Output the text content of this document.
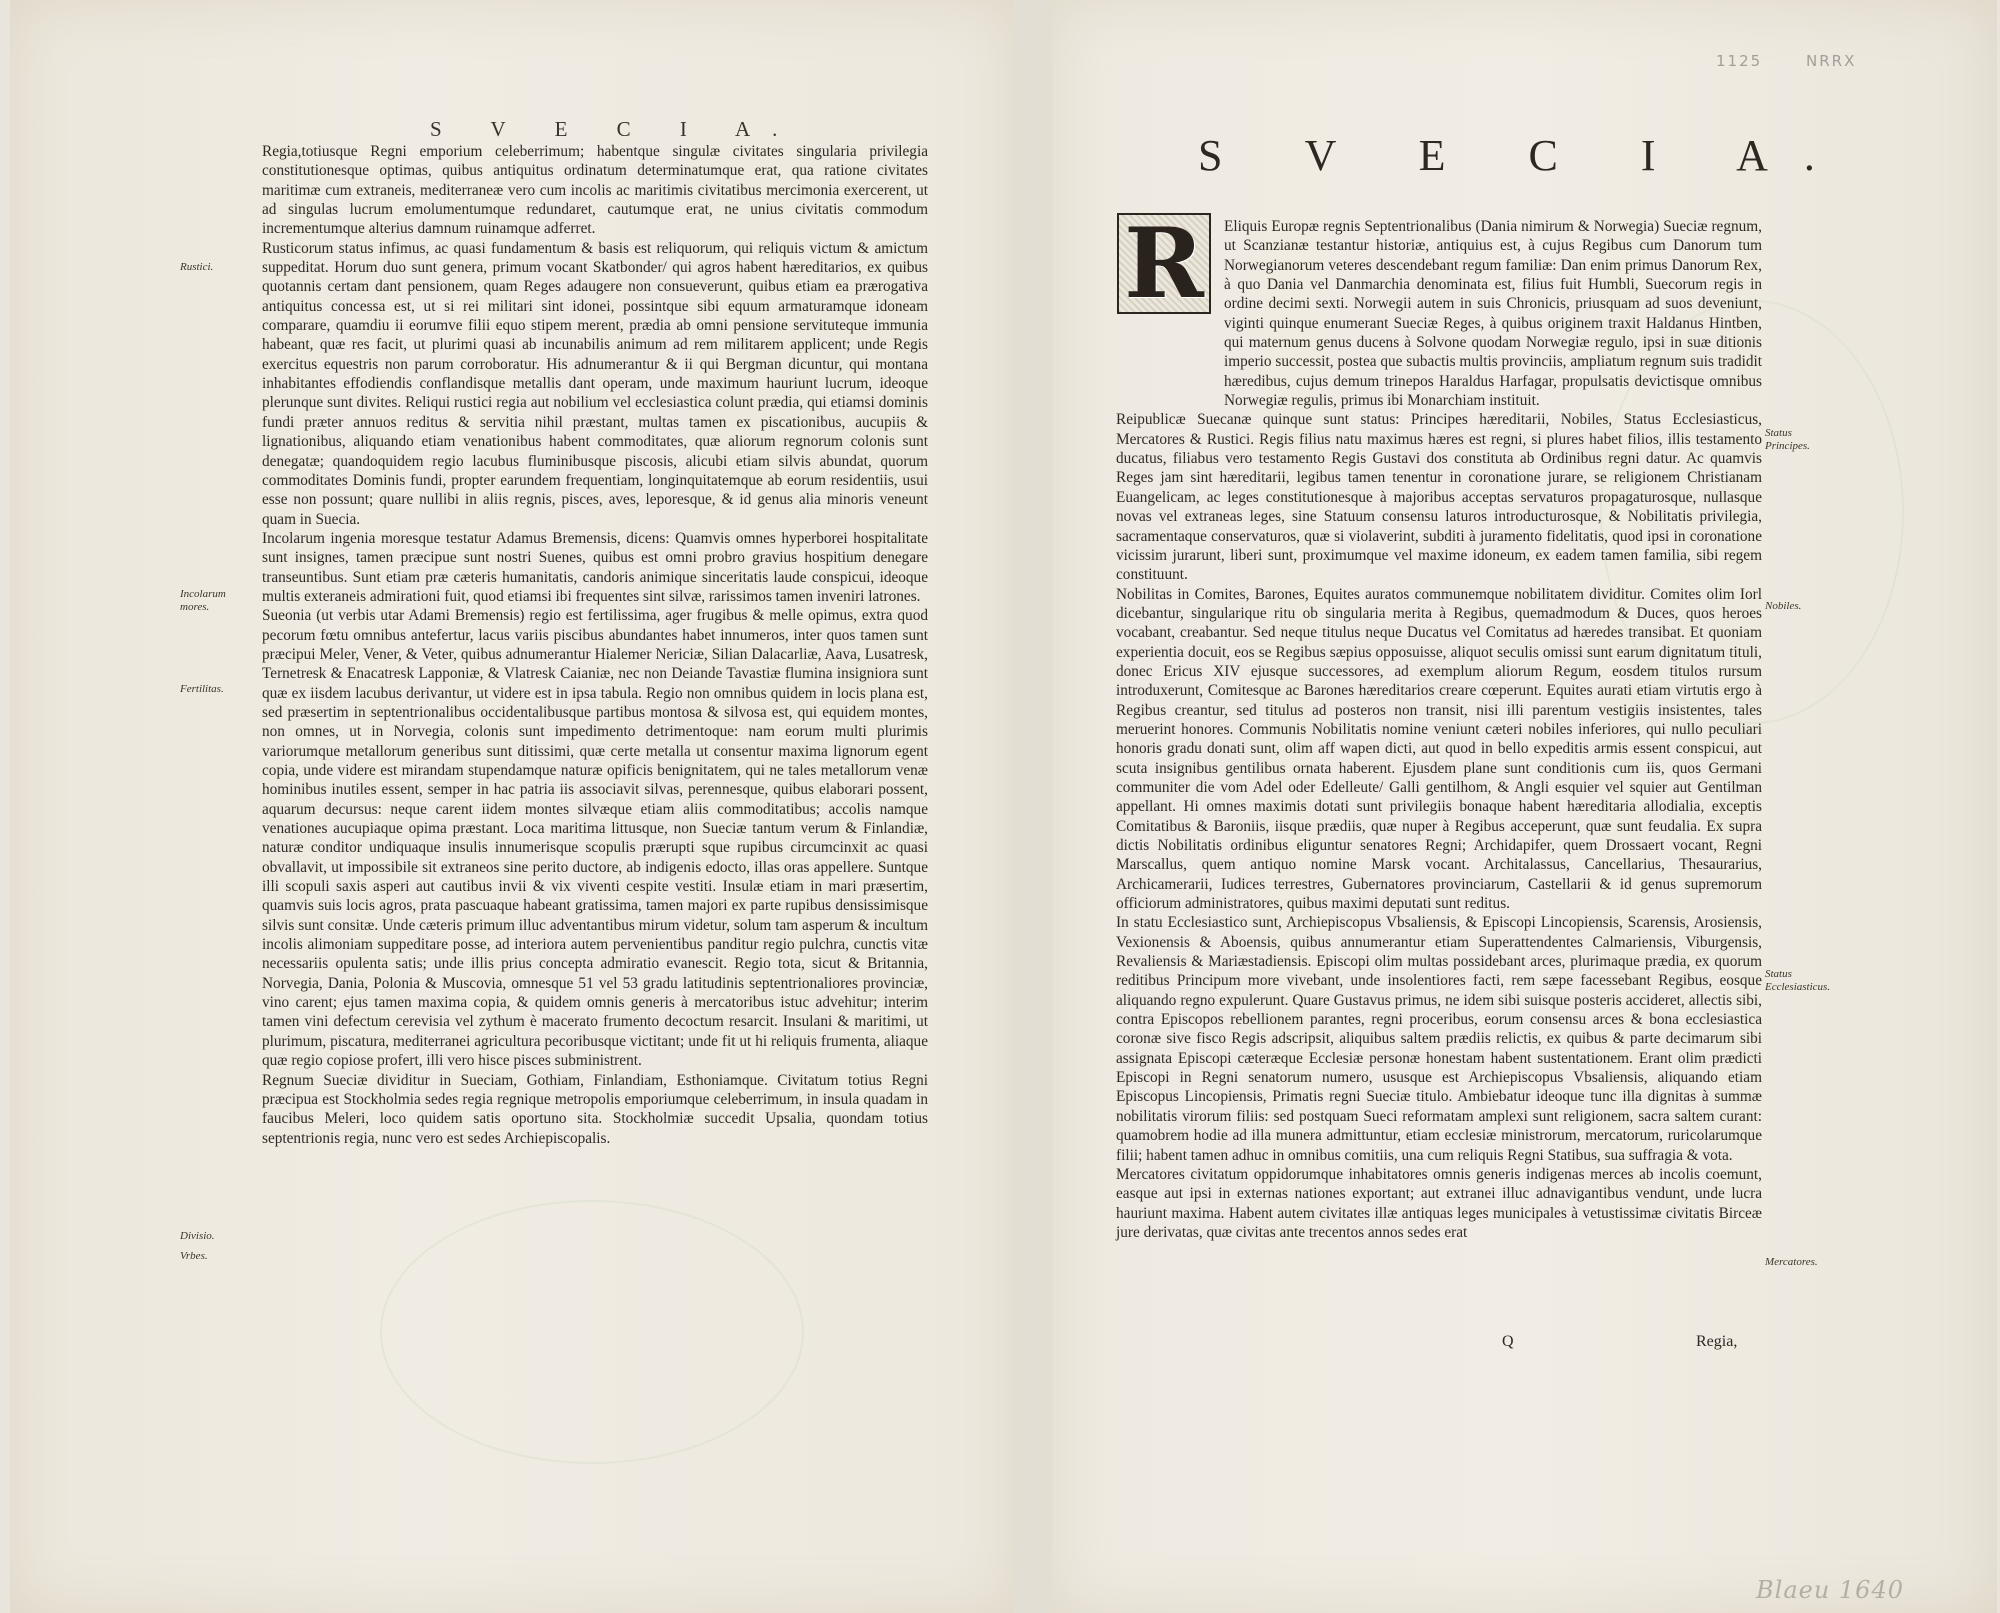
S V E C I A.

Regia,totiusque Regni emporium celeberrimum; habentque singulæ civitates singularia privilegia constitutionesque optimas, quibus antiquitus ordinatum determinatumque erat, qua ratione civitates maritimæ cum extraneis, mediterraneæ vero cum incolis ac maritimis civitatibus mercimonia exercerent, ut ad singulas lucrum emolumentumque redundaret, cautumque erat, ne unius civitatis commodum incrementumque alterius damnum ruinamque adferret.

Rusticorum status infimus, ac quasi fundamentum & basis est reliquorum, qui reliquis victum & amictum suppeditat. Horum duo sunt genera, primum vocant Skatbonder/ qui agros habent hæreditarios, ex quibus quotannis certam dant pensionem, quam Reges adaugere non consueverunt, quibus etiam ea prærogativa antiquitus concessa est, ut si rei militari sint idonei, possintque sibi equum armaturamque idoneam comparare, quamdiu ii eorumve filii equo stipem merent, prædia ab omni pensione servituteque immunia habeant, quæ res facit, ut plurimi quasi ab incunabilis animum ad rem militarem applicent; unde Regis exercitus equestris non parum corroboratur. His adnumerantur & ii qui Bergman dicuntur, qui montana inhabitantes effodiendis conflandisque metallis dant operam, unde maximum hauriunt lucrum, ideoque plerunque sunt divites. Reliqui rustici regia aut nobilium vel ecclesiastica colunt prædia, qui etiamsi dominis fundi præter annuos reditus & servitia nihil præstant, multas tamen ex piscationibus, aucupiis & lignationibus, aliquando etiam venationibus habent commoditates, quæ aliorum regnorum colonis sunt denegatæ; quandoquidem regio lacubus fluminibusque piscosis, alicubi etiam silvis abundat, quorum commoditates Dominis fundi, propter earundem frequentiam, longinquitatemque ab eorum residentiis, usui esse non possunt; quare nullibi in aliis regnis, pisces, aves, leporesque, & id genus alia minoris veneunt quam in Suecia.

Incolarum ingenia moresque testatur Adamus Bremensis, dicens: Quamvis omnes hyperborei hospitalitate sunt insignes, tamen præcipue sunt nostri Suenes, quibus est omni probro gravius hospitium denegare transeuntibus. Sunt etiam præ cæteris humanitatis, candoris animique sinceritatis laude conspicui, ideoque multis exteraneis admirationi fuit, quod etiamsi ibi frequentes sint silvæ, rarissimos tamen inveniri latrones.

Sueonia (ut verbis utar Adami Bremensis) regio est fertilissima, ager frugibus & melle opimus, extra quod pecorum fœtu omnibus antefertur, lacus variis piscibus abundantes habet innumeros, inter quos tamen sunt præcipui Meler, Vener, & Veter, quibus adnumerantur Hialemer Nericiæ, Silian Dalacarliæ, Aava, Lusatresk, Ternetresk & Enacatresk Lapponiæ, & Vlatresk Caianiæ, nec non Deiande Tavastiæ flumina insigniora sunt quæ ex iisdem lacubus derivantur, ut videre est in ipsa tabula. Regio non omnibus quidem in locis plana est, sed præsertim in septentrionalibus occidentalibusque partibus montosa & silvosa est, qui equidem montes, non omnes, ut in Norvegia, colonis sunt impedimento detrimentoque: nam eorum multi plurimis variorumque metallorum generibus sunt ditissimi, quæ certe metalla ut consentur maxima lignorum egent copia, unde videre est mirandam stupendamque naturæ opificis benignitatem, qui ne tales metallorum venæ hominibus inutiles essent, semper in hac patria iis associavit silvas, perennesque, quibus elaborari possent, aquarum decursus: neque carent iidem montes silvæque etiam aliis commoditatibus; accolis namque venationes aucupiaque opima præstant. Loca maritima littusque, non Sueciæ tantum verum & Finlandiæ, naturæ conditor undiquaque insulis innumerisque scopulis prærupti sque rupibus circumcinxit ac quasi obvallavit, ut impossibile sit extraneos sine perito ductore, ab indigenis edocto, illas oras appellere. Suntque illi scopuli saxis asperi aut cautibus invii & vix viventi cespite vestiti. Insulæ etiam in mari præsertim, quamvis suis locis agros, prata pascuaque habeant gratissima, tamen majori ex parte rupibus densissimisque silvis sunt consitæ. Unde cæteris primum illuc adventantibus mirum videtur, solum tam asperum & incultum incolis alimoniam suppeditare posse, ad interiora autem pervenientibus panditur regio pulchra, cunctis vitæ necessariis opulenta satis; unde illis prius concepta admiratio evanescit. Regio tota, sicut & Britannia, Norvegia, Dania, Polonia & Muscovia, omnesque 51 vel 53 gradu latitudinis septentrionaliores provinciæ, vino carent; ejus tamen maxima copia, & quidem omnis generis à mercatoribus istuc advehitur; interim tamen vini defectum cerevisia vel zythum è macerato frumento decoctum resarcit. Insulani & maritimi, ut plurimum, piscatura, mediterranei agricultura pecoribusque victitant; unde fit ut hi reliquis frumenta, aliaque quæ regio copiose profert, illi vero hisce pisces subministrent.

Regnum Sueciæ dividitur in Sueciam, Gothiam, Finlandiam, Esthoniamque. Civitatum totius Regni præcipua est Stockholmia sedes regia regnique metropolis emporiumque celeberrimum, in insula quadam in faucibus Meleri, loco quidem satis oportuno sita. Stockholmiæ succedit Upsalia, quondam totius septentrionis regia, nunc vero est sedes Archiepiscopalis.

Rustici.
Incolarum mores.
Fertilitas.
Divisio.
Vrbes.
S V E C I A.
R Eliquis Europæ regnis Septentrionalibus (Dania nimirum & Norwegia) Sueciæ regnum, ut Scanzianæ testantur historiæ, antiquius est, à cujus Regibus cum Danorum tum Norwegianorum veteres descendebant regum familiæ: Dan enim primus Danorum Rex, à quo Dania vel Danmarchia denominata est, filius fuit Humbli, Suecorum regis in ordine decimi sexti. Norwegii autem in suis Chronicis, priusquam ad suos deveniunt, viginti quinque enumerant Sueciæ Reges, à quibus originem traxit Haldanus Hintben, qui maternum genus ducens à Solvone quodam Norwegiæ regulo, ipsi in suæ ditionis imperio successit, postea que subactis multis provinciis, ampliatum regnum suis tradidit hæredibus, cujus demum trinepos Haraldus Harfagar, propulsatis devictisque omnibus Norwegiæ regulis, primus ibi Monarchiam instituit.

Reipublicæ Suecanæ quinque sunt status: Principes hæreditarii, Nobiles, Status Ecclesiasticus, Mercatores & Rustici. Regis filius natu maximus hæres est regni, si plures habet filios, illis testamento ducatus, filiabus vero testamento Regis Gustavi dos constituta ab Ordinibus regni datur. Ac quamvis Reges jam sint hæreditarii, legibus tamen tenentur in coronatione jurare, se religionem Christianam Euangelicam, ac leges constitutionesque à majoribus acceptas servaturos propagaturosque, nullasque novas vel extraneas leges, sine Statuum consensu laturos introducturosque, & Nobilitatis privilegia, sacramentaque conservaturos, quæ si violaverint, subditi à juramento fidelitatis, quod ipsi in coronatione vicissim jurarunt, liberi sunt, proximumque vel maxime idoneum, ex eadem tamen familia, sibi regem constituunt.

Nobilitas in Comites, Barones, Equites auratos communemque nobilitatem dividitur. Comites olim Iorl dicebantur, singularique ritu ob singularia merita à Regibus, quemadmodum & Duces, quos heroes vocabant, creabantur. Sed neque titulus neque Ducatus vel Comitatus ad hæredes transibat. Et quoniam experientia docuit, eos se Regibus sæpius opposuisse, aliquot seculis omissi sunt earum dignitatum tituli, donec Ericus XIV ejusque successores, ad exemplum aliorum Regum, eosdem titulos rursum introduxerunt, Comitesque ac Barones hæreditarios creare cœperunt. Equites aurati etiam virtutis ergo à Regibus creantur, sed titulus ad posteros non transit, nisi illi parentum vestigiis insistentes, tales meruerint honores. Communis Nobilitatis nomine veniunt cæteri nobiles inferiores, qui nullo peculiari honoris gradu donati sunt, olim aff wapen dicti, aut quod in bello expeditis armis essent conspicui, aut scuta insignibus gentilibus ornata haberent. Ejusdem plane sunt conditionis cum iis, quos Germani communiter die vom Adel oder Edelleute/ Galli gentilhom, & Angli esquier vel squier aut Gentilman appellant. Hi omnes maximis dotati sunt privilegiis bonaque habent hæreditaria allodialia, exceptis Comitatibus & Baroniis, iisque prædiis, quæ nuper à Regibus acceperunt, quæ sunt feudalia. Ex supra dictis Nobilitatis ordinibus eliguntur senatores Regni; Archidapifer, quem Drossaert vocant, Regni Marscallus, quem antiquo nomine Marsk vocant. Architalassus, Cancellarius, Thesaurarius, Archicamerarii, Iudices terrestres, Gubernatores provinciarum, Castellarii & id genus supremorum officiorum administratores, quibus maximi deputati sunt reditus.

In statu Ecclesiastico sunt, Archiepiscopus Vbsaliensis, & Episcopi Lincopiensis, Scarensis, Arosiensis, Vexionensis & Aboensis, quibus annumerantur etiam Superattendentes Calmariensis, Viburgensis, Revaliensis & Mariæstadiensis. Episcopi olim multas possidebant arces, plurimaque prædia, ex quorum reditibus Principum more vivebant, unde insolentiores facti, rem sæpe facessebant Regibus, eosque aliquando regno expulerunt. Quare Gustavus primus, ne idem sibi suisque posteris accideret, allectis sibi, contra Episcopos rebellionem parantes, regni proceribus, eorum consensu arces & bona ecclesiastica coronæ sive fisco Regis adscripsit, aliquibus saltem prædiis relictis, ex quibus & parte decimarum sibi assignata Episcopi cæteræque Ecclesiæ personæ honestam habent sustentationem. Erant olim prædicti Episcopi in Regni senatorum numero, ususque est Archiepiscopus Vbsaliensis, aliquando etiam Episcopus Lincopiensis, Primatis regni Sueciæ titulo. Ambiebatur ideoque tunc illa dignitas à summæ nobilitatis virorum filiis: sed postquam Sueci reformatam amplexi sunt religionem, sacra saltem curant: quamobrem hodie ad illa munera admittuntur, etiam ecclesiæ ministrorum, mercatorum, ruricolarumque filii; habent tamen adhuc in omnibus comitiis, una cum reliquis Regni Statibus, sua suffragia & vota.

Mercatores civitatum oppidorumque inhabitatores omnis generis indigenas merces ab incolis coemunt, easque aut ipsi in externas nationes exportant; aut extranei illuc adnavigantibus vendunt, unde lucra hauriunt maxima. Habent autem civitates illæ antiquas leges municipales à vetustissimæ civitatis Birceæ jure derivatas, quæ civitas ante trecentos annos sedes erat

Q	Regia,
Status Principes.
Nobiles.
Status Ecclesiasticus.
Mercatores.
1125	NRRX
Blaeu 1640
